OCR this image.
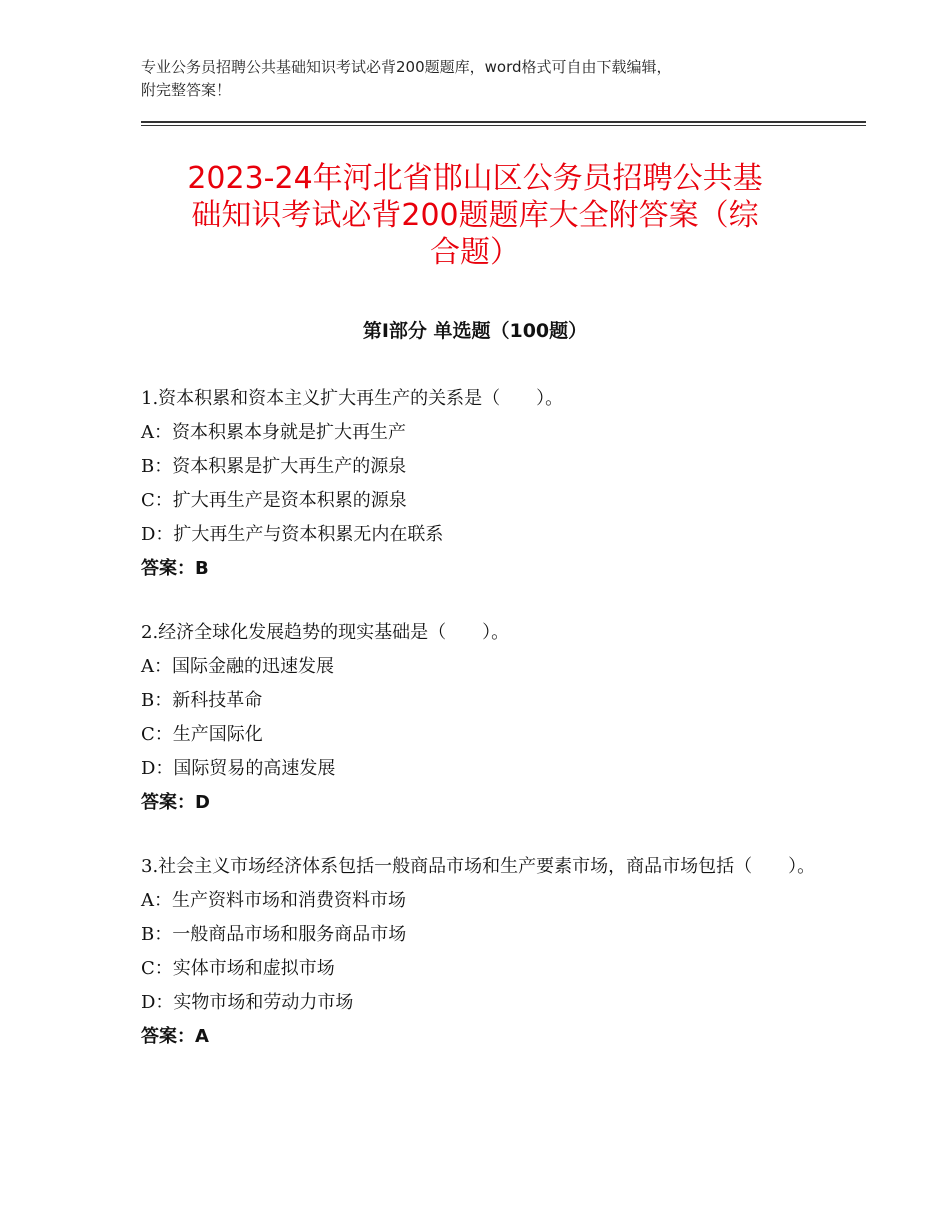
专业公务员招聘公共基础知识考试必背200题题库，word格式可自由下载编辑，
附完整答案！
2023-24年河北省邯山区公务员招聘公共基
础知识考试必背200题题库大全附答案（综
合题）
第Ⅰ部分 单选题（100题）
1.资本积累和资本主义扩大再生产的关系是（　　）。
A：资本积累本身就是扩大再生产
B：资本积累是扩大再生产的源泉
C：扩大再生产是资本积累的源泉
D：扩大再生产与资本积累无内在联系
答案：B
2.经济全球化发展趋势的现实基础是（　　）。
A：国际金融的迅速发展
B：新科技革命
C：生产国际化
D：国际贸易的高速发展
答案：D
3.社会主义市场经济体系包括一般商品市场和生产要素市场，商品市场包括（　　）。
A：生产资料市场和消费资料市场
B：一般商品市场和服务商品市场
C：实体市场和虚拟市场
D：实物市场和劳动力市场
答案：A
